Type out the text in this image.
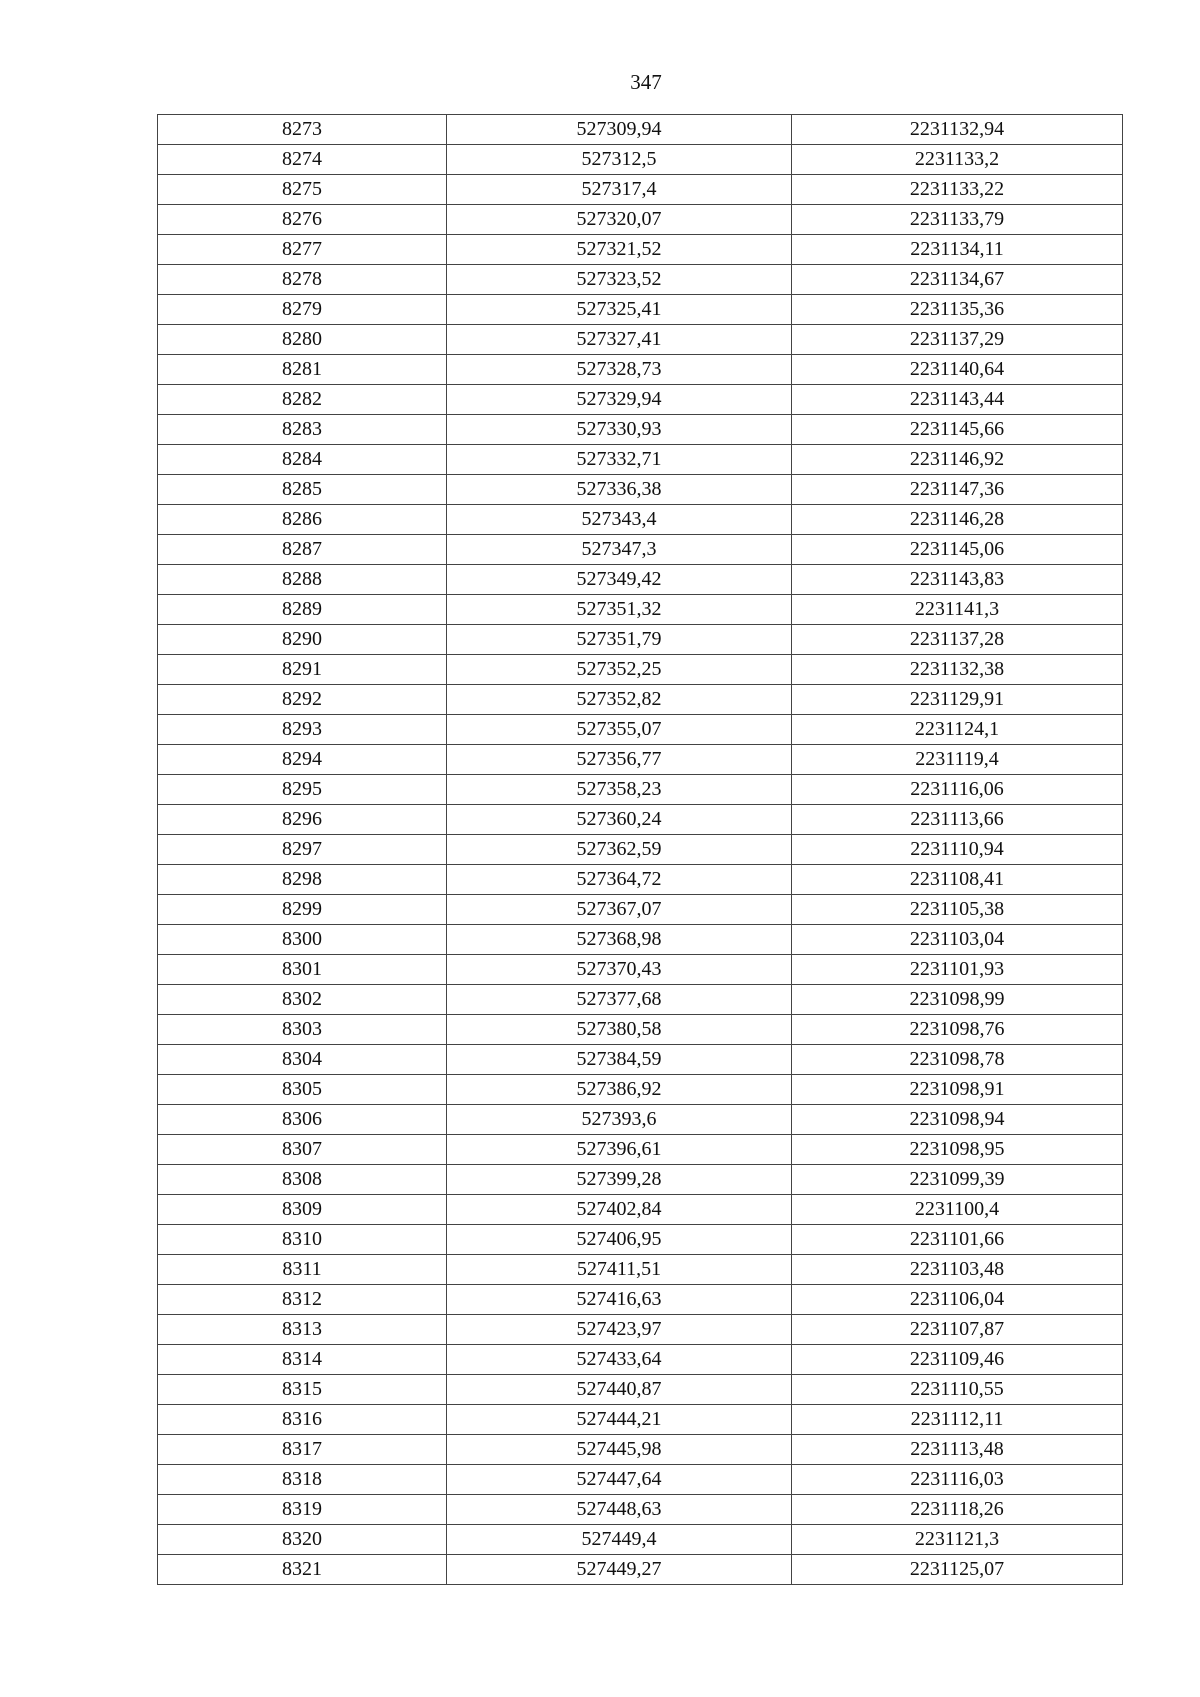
347
8273	527309,94	2231132,94
8274	527312,5	2231133,2
8275	527317,4	2231133,22
8276	527320,07	2231133,79
8277	527321,52	2231134,11
8278	527323,52	2231134,67
8279	527325,41	2231135,36
8280	527327,41	2231137,29
8281	527328,73	2231140,64
8282	527329,94	2231143,44
8283	527330,93	2231145,66
8284	527332,71	2231146,92
8285	527336,38	2231147,36
8286	527343,4	2231146,28
8287	527347,3	2231145,06
8288	527349,42	2231143,83
8289	527351,32	2231141,3
8290	527351,79	2231137,28
8291	527352,25	2231132,38
8292	527352,82	2231129,91
8293	527355,07	2231124,1
8294	527356,77	2231119,4
8295	527358,23	2231116,06
8296	527360,24	2231113,66
8297	527362,59	2231110,94
8298	527364,72	2231108,41
8299	527367,07	2231105,38
8300	527368,98	2231103,04
8301	527370,43	2231101,93
8302	527377,68	2231098,99
8303	527380,58	2231098,76
8304	527384,59	2231098,78
8305	527386,92	2231098,91
8306	527393,6	2231098,94
8307	527396,61	2231098,95
8308	527399,28	2231099,39
8309	527402,84	2231100,4
8310	527406,95	2231101,66
8311	527411,51	2231103,48
8312	527416,63	2231106,04
8313	527423,97	2231107,87
8314	527433,64	2231109,46
8315	527440,87	2231110,55
8316	527444,21	2231112,11
8317	527445,98	2231113,48
8318	527447,64	2231116,03
8319	527448,63	2231118,26
8320	527449,4	2231121,3
8321	527449,27	2231125,07
